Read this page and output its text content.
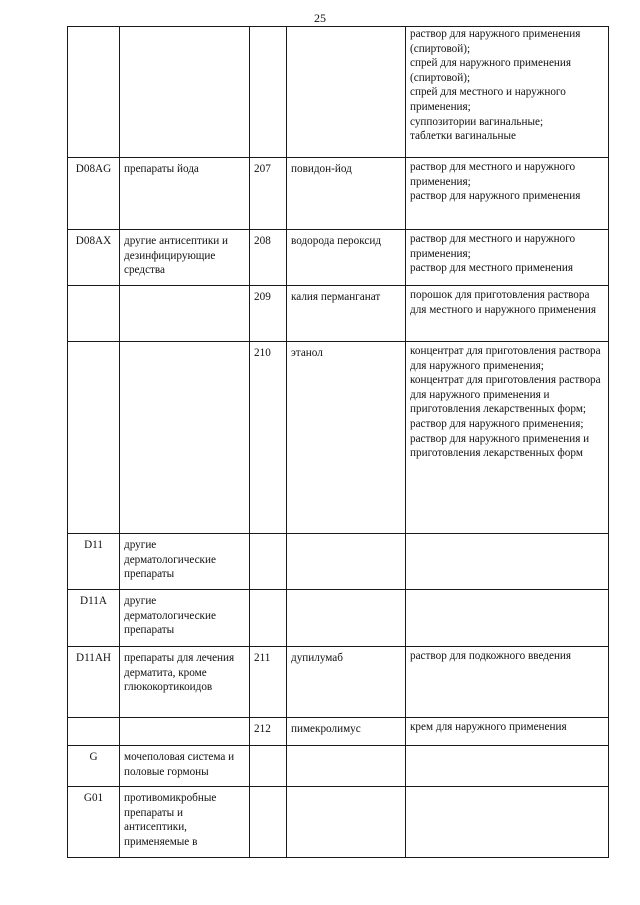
25
				раствор для наружного применения (спиртовой);
спрей для наружного применения (спиртовой);
спрей для местного и наружного применения;
суппозитории вагинальные;
таблетки вагинальные
D08AG	препараты йода	207	повидон-йод	раствор для местного и наружного применения;
раствор для наружного применения
D08AX	другие антисептики и дезинфицирующие средства	208	водорода пероксид	раствор для местного и наружного применения;
раствор для местного применения
		209	калия перманганат	порошок для приготовления раствора для местного и наружного применения
		210	этанол	концентрат для приготовления раствора для наружного применения;
концентрат для приготовления раствора для наружного применения и приготовления лекарственных форм;
раствор для наружного применения;
раствор для наружного применения и приготовления лекарственных форм
D11	другие дерматологические препараты			
D11A	другие дерматологические препараты			
D11AH	препараты для лечения дерматита, кроме глюкокортикоидов	211	дупилумаб	раствор для подкожного введения
		212	пимекролимус	крем для наружного применения
G	мочеполовая система и половые гормоны			
G01	противомикробные препараты и антисептики, применяемые в			
